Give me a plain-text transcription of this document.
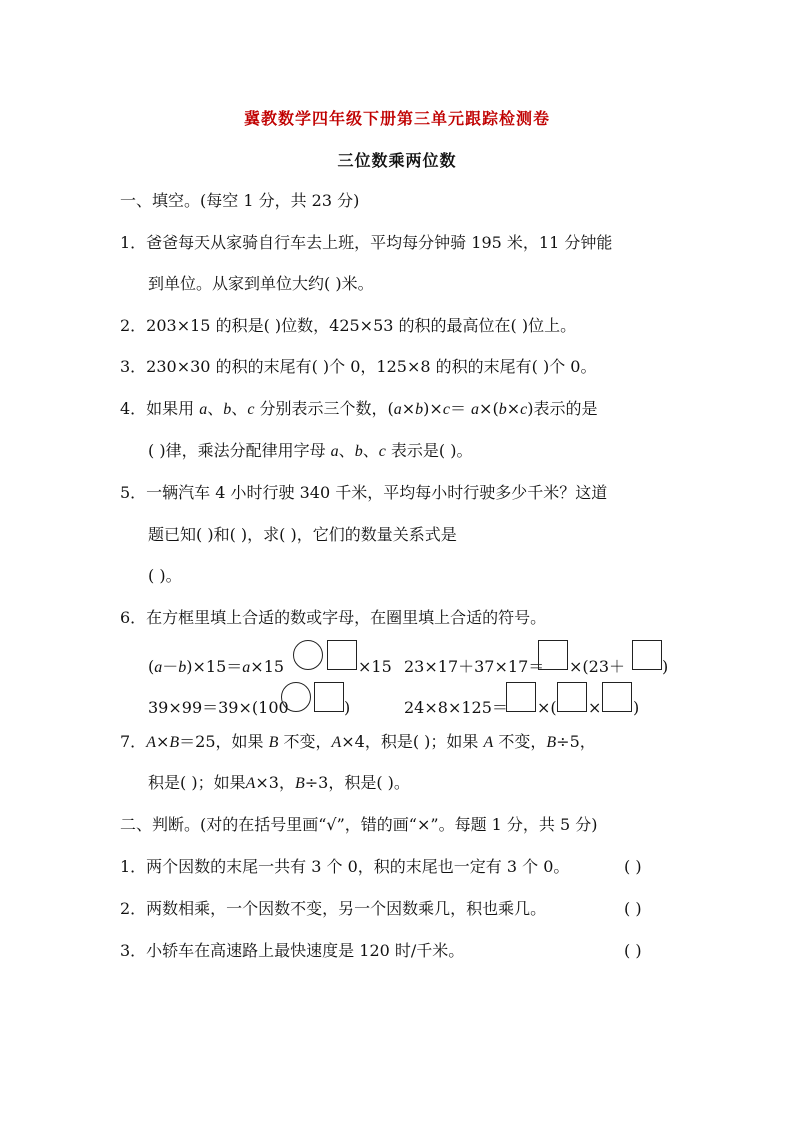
冀教数学四年级下册第三单元跟踪检测卷
三位数乘两位数
一、填空。(每空 1 分，共 23 分)
1．爸爸每天从家骑自行车去上班，平均每分钟骑 195 米，11 分钟能
到单位。从家到单位大约( )米。
2．203×15 的积是( )位数，425×53 的积的最高位在( )位上。
3．230×30 的积的末尾有( )个 0，125×8 的积的末尾有( )个 0。
4．如果用 a、b、c 分别表示三个数，(a×b)×c＝ a×(b×c)表示的是
( )律，乘法分配律用字母 a、b、c 表示是( )。
5．一辆汽车 4 小时行驶 340 千米，平均每小时行驶多少千米？这道
题已知( )和( )，求( )，它们的数量关系式是
( )。
6．在方框里填上合适的数或字母，在圈里填上合适的符号。
(a－b)×15＝a×15	×15 23×17＋37×17＝ ×(23＋ )
39×99＝39×(100	)	24×8×125＝ ×( × )
7．A×B＝25，如果 B 不变，A×4，积是( )；如果 A 不变，B÷5，
积是( )；如果A×3，B÷3，积是( )。
二、判断。(对的在括号里画“√”，错的画“×”。每题 1 分，共 5 分)
1．两个因数的末尾一共有 3 个 0，积的末尾也一定有 3 个 0。	( )
2．两数相乘，一个因数不变，另一个因数乘几，积也乘几。	( )
3．小轿车在高速路上最快速度是 120 时/千米。	( )
